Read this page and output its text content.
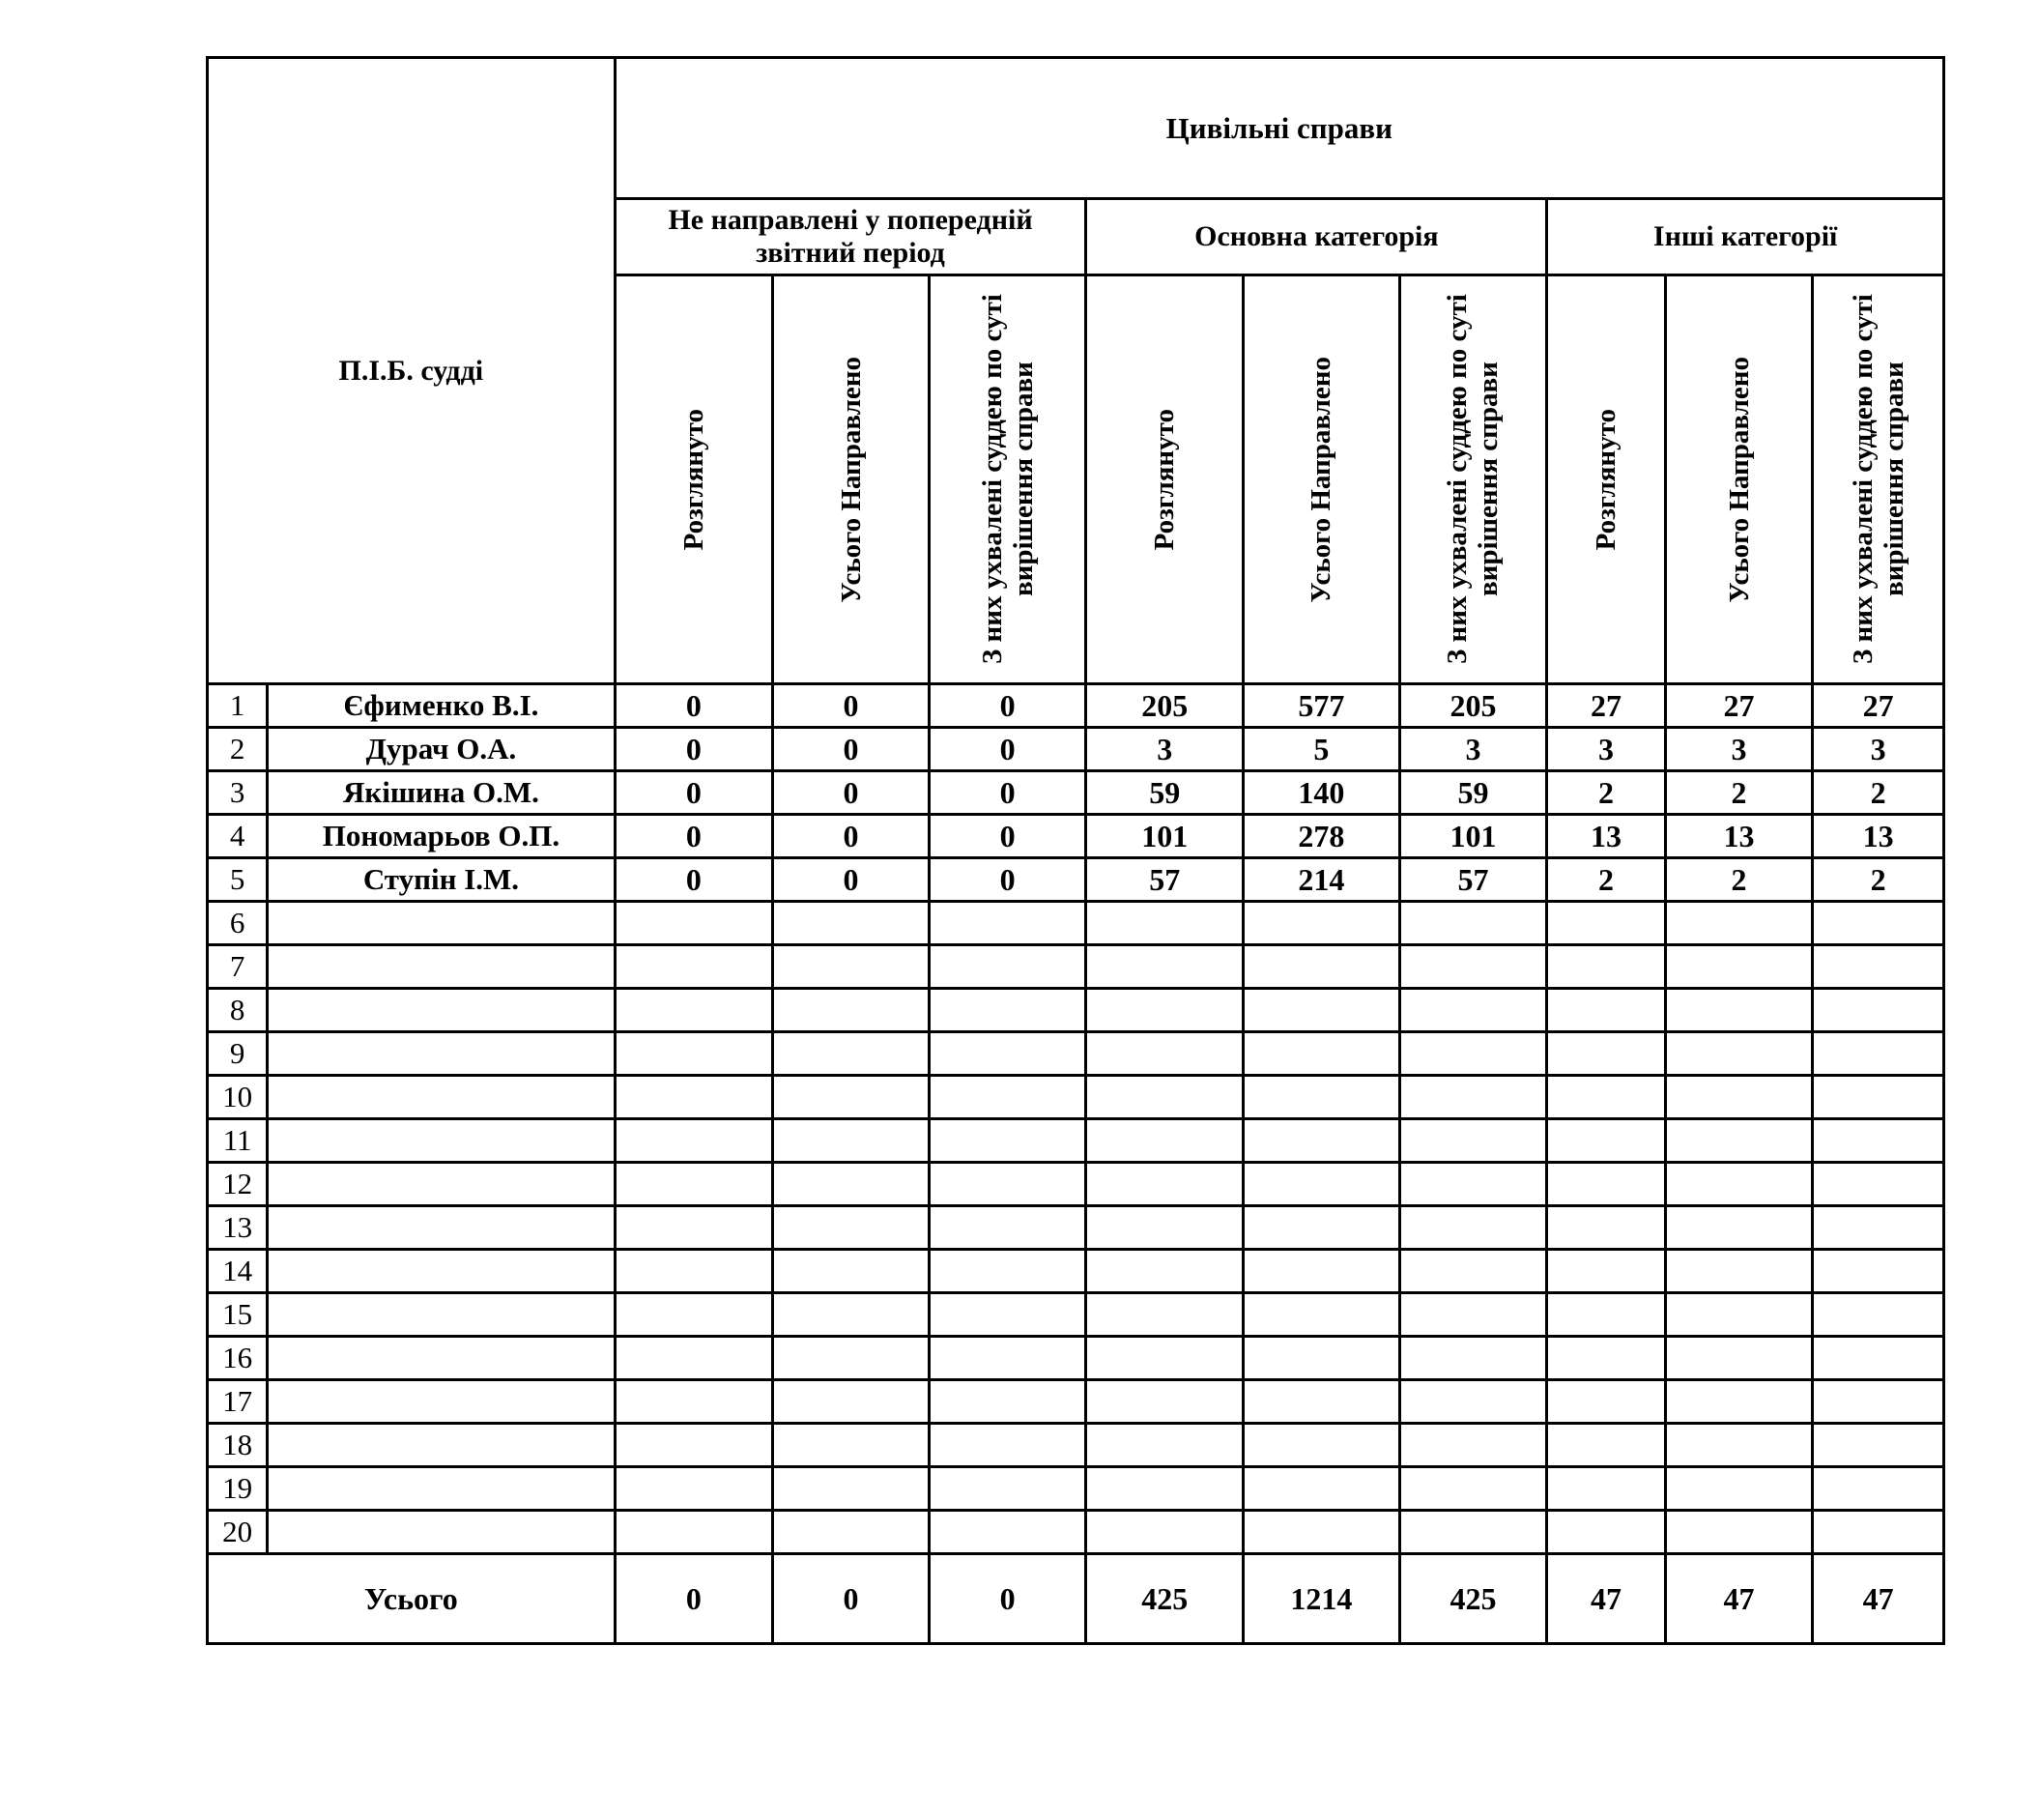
П.І.Б. судді		Цивільні справи								
		Не направлені у попередній звітний період			Основна категорія			Інші категорії		

		Розглянуто	Усього Направлено	З них ухвалені суддею по суті вирішення справи	Розглянуто	Усього Направлено	З них ухвалені суддею по суті вирішення справи	Розглянуто	Усього Направлено	З них ухвалені суддею по суті вирішення справи

1	Єфименко В.І.	0	0	0	205	577	205	27	27	27
2	Дурач О.А.	0	0	0	3	5	3	3	3	3
3	Якішина О.М.	0	0	0	59	140	59	2	2	2
4	Пономарьов О.П.	0	0	0	101	278	101	13	13	13
5	Ступін І.М.	0	0	0	57	214	57	2	2	2
6										
7										
8										
9										
10										
11										
12										
13										
14										
15										
16										
17										
18										
19										
20										
Усього		0	0	0	425	1214	425	47	47	47
